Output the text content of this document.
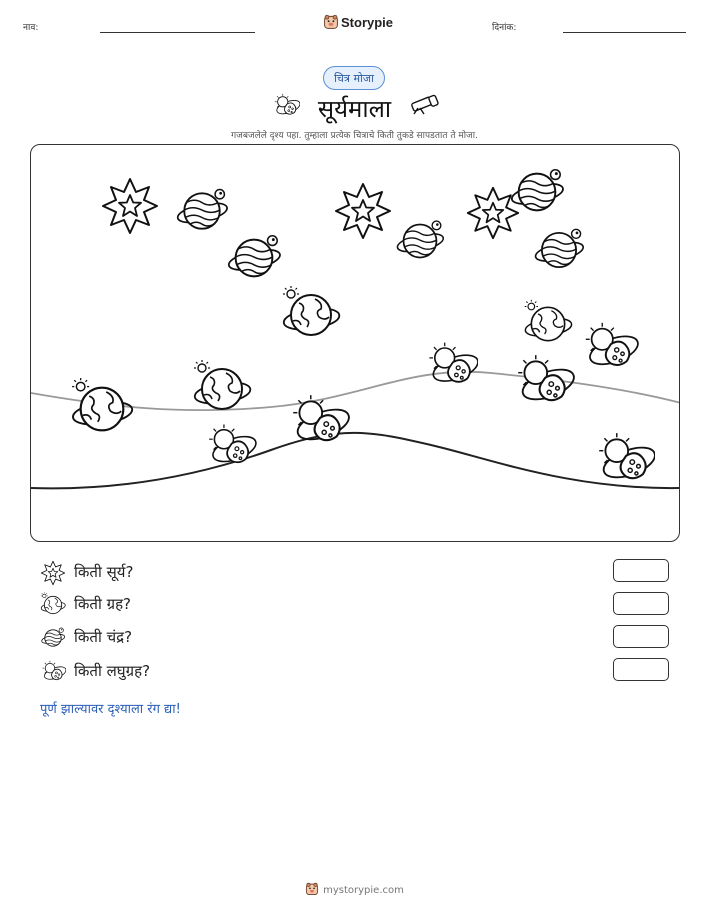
नाव:	Storypie	दिनांक:
चित्र मोजा
सूर्यमाला
गजबजलेले दृश्य पहा. तुम्हाला प्रत्येक चित्राचे किती तुकडे सापडतात ते मोजा.
किती सूर्य?
किती ग्रह?
किती चंद्र?
किती लघुग्रह?
पूर्ण झाल्यावर दृश्याला रंग द्या!
mystorypie.com
